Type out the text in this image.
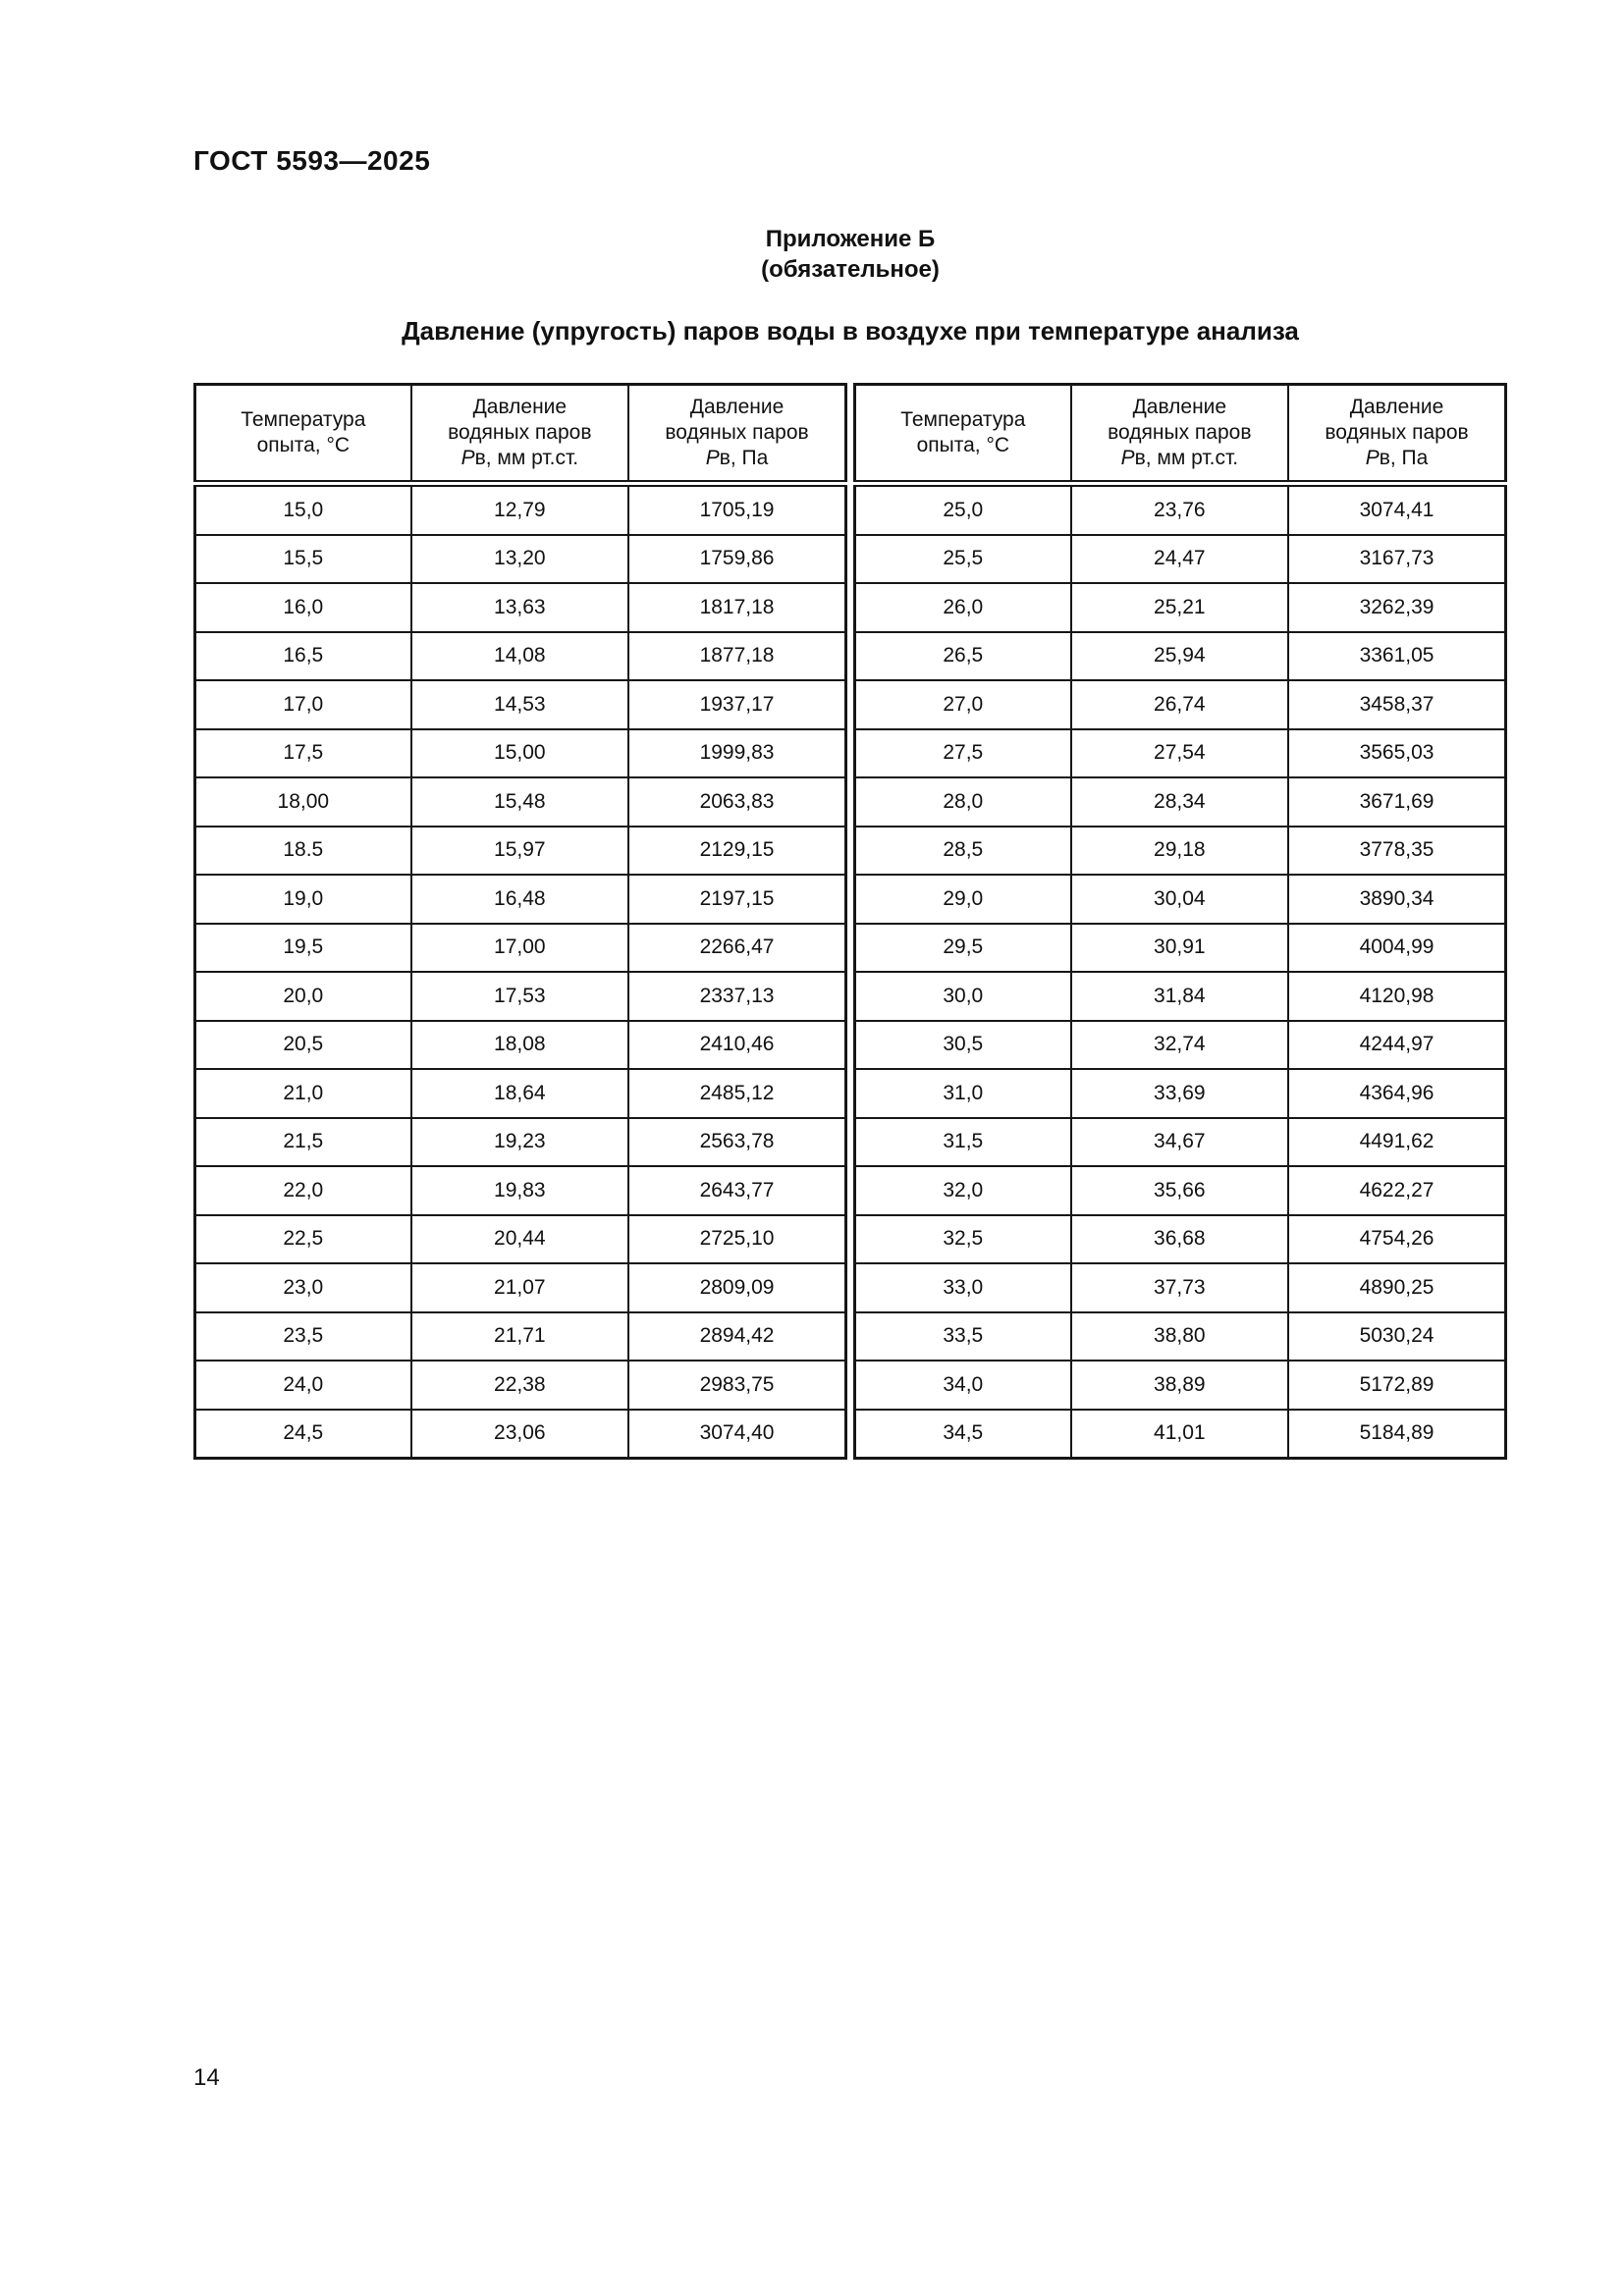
ГОСТ 5593—2025
Приложение Б
(обязательное)
Давление (упругость) паров воды в воздухе при температуре анализа
Температура
опыта, °С	Давление
водяных паров
Рв, мм рт.ст.	Давление
водяных паров
Рв, Па
15,0	12,79	1705,19
15,5	13,20	1759,86
16,0	13,63	1817,18
16,5	14,08	1877,18
17,0	14,53	1937,17
17,5	15,00	1999,83
18,00	15,48	2063,83
18.5	15,97	2129,15
19,0	16,48	2197,15
19,5	17,00	2266,47
20,0	17,53	2337,13
20,5	18,08	2410,46
21,0	18,64	2485,12
21,5	19,23	2563,78
22,0	19,83	2643,77
22,5	20,44	2725,10
23,0	21,07	2809,09
23,5	21,71	2894,42
24,0	22,38	2983,75
24,5	23,06	3074,40
Температура
опыта, °С	Давление
водяных паров
Рв, мм рт.ст.	Давление
водяных паров
Рв, Па
25,0	23,76	3074,41
25,5	24,47	3167,73
26,0	25,21	3262,39
26,5	25,94	3361,05
27,0	26,74	3458,37
27,5	27,54	3565,03
28,0	28,34	3671,69
28,5	29,18	3778,35
29,0	30,04	3890,34
29,5	30,91	4004,99
30,0	31,84	4120,98
30,5	32,74	4244,97
31,0	33,69	4364,96
31,5	34,67	4491,62
32,0	35,66	4622,27
32,5	36,68	4754,26
33,0	37,73	4890,25
33,5	38,80	5030,24
34,0	38,89	5172,89
34,5	41,01	5184,89
14
